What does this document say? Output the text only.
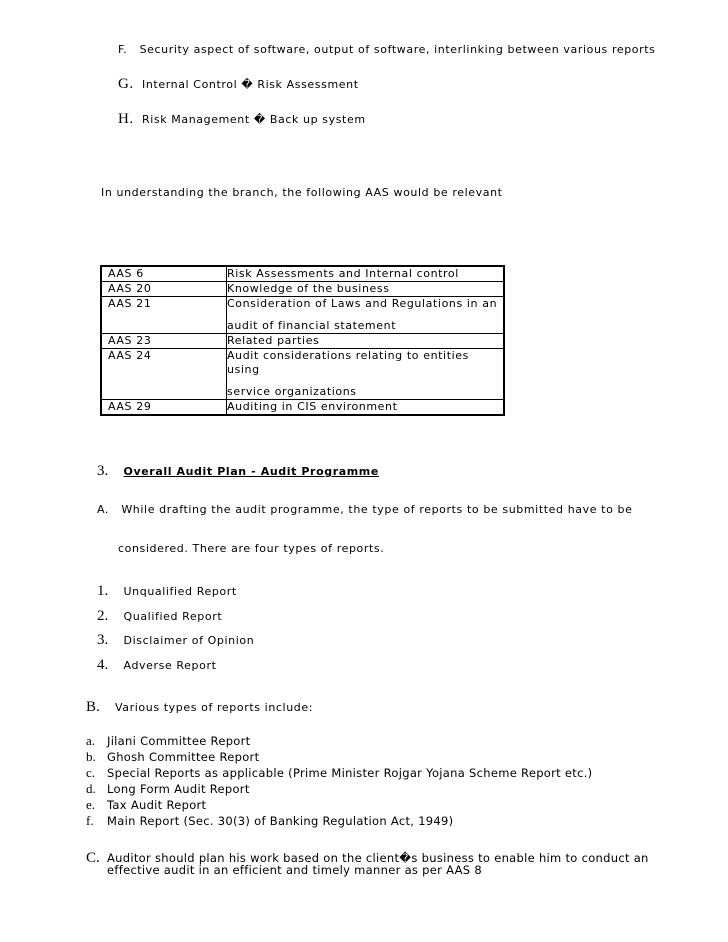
F. Security aspect of software, output of software, interlinking between various reports
G. Internal Control � Risk Assessment
H. Risk Management � Back up system
In understanding the branch, the following AAS would be relevant
AAS 6	Risk Assessments and Internal control
AAS 20	Knowledge of the business
AAS 21	Consideration of Laws and Regulations in an
audit of financial statement

AAS 23	Related parties
AAS 24	Audit considerations relating to entities using
service organizations

AAS 29	Auditing in CIS environment
3. Overall Audit Plan - Audit Programme
A. While drafting the audit programme, the type of reports to be submitted have to be
considered. There are four types of reports.
1. Unqualified Report
2. Qualified Report
3. Disclaimer of Opinion
4. Adverse Report
B. Various types of reports include:
a. Jilani Committee Report
b. Ghosh Committee Report
c. Special Reports as applicable (Prime Minister Rojgar Yojana Scheme Report etc.)
d. Long Form Audit Report
e. Tax Audit Report
f. Main Report (Sec. 30(3) of Banking Regulation Act, 1949)
C. Auditor should plan his work based on the client�s business to enable him to conduct an
effective audit in an efficient and timely manner as per AAS 8
